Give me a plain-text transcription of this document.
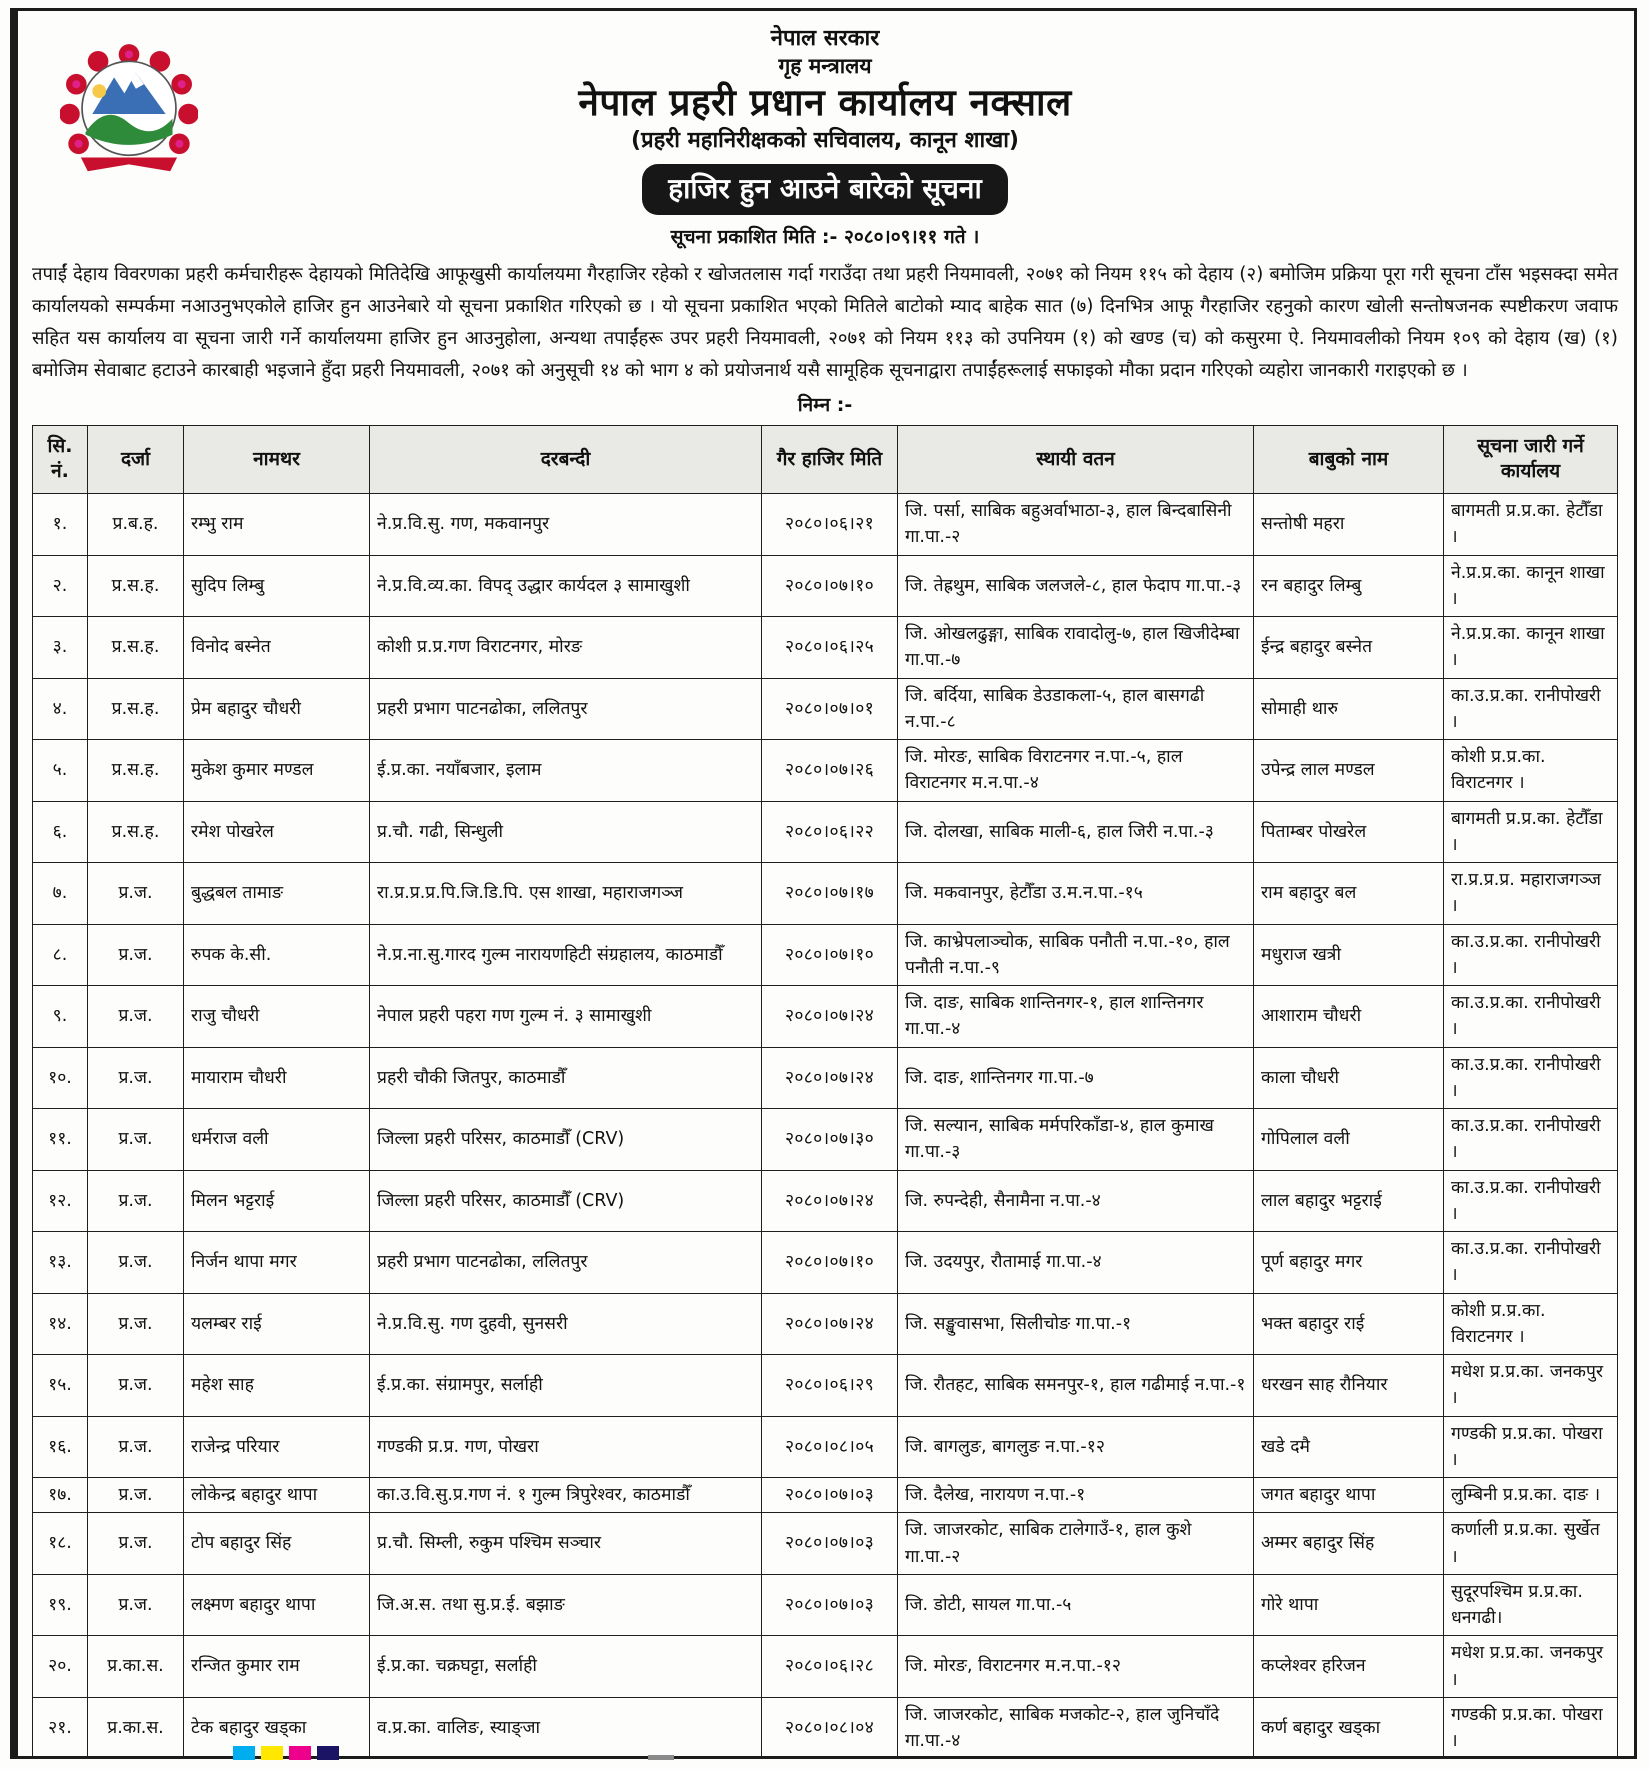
नेपाल सरकार
गृह मन्त्रालय
नेपाल प्रहरी प्रधान कार्यालय नक्साल
(प्रहरी महानिरीक्षकको सचिवालय, कानून शाखा)
हाजिर हुन आउने बारेको सूचना
सूचना प्रकाशित मिति :- २०८०।०९।११ गते ।
तपाईं देहाय विवरणका प्रहरी कर्मचारीहरू देहायको मितिदेखि आफूखुसी कार्यालयमा गैरहाजिर रहेको र खोजतलास गर्दा गराउँदा तथा प्रहरी नियमावली, २०७१ को नियम ११५ को देहाय (२) बमोजिम प्रक्रिया पूरा गरी सूचना टाँस भइसक्दा समेत कार्यालयको सम्पर्कमा नआउनुभएकोले हाजिर हुन आउनेबारे यो सूचना प्रकाशित गरिएको छ । यो सूचना प्रकाशित भएको मितिले बाटोको म्याद बाहेक सात (७) दिनभित्र आफू गैरहाजिर रहनुको कारण खोली सन्तोषजनक स्पष्टीकरण जवाफ सहित यस कार्यालय वा सूचना जारी गर्ने कार्यालयमा हाजिर हुन आउनुहोला, अन्यथा तपाईंहरू उपर प्रहरी नियमावली, २०७१ को नियम ११३ को उपनियम (१) को खण्ड (च) को कसुरमा ऐ. नियमावलीको नियम १०९ को देहाय (ख) (१) बमोजिम सेवाबाट हटाउने कारबाही भइजाने हुँदा प्रहरी नियमावली, २०७१ को अनुसूची १४ को भाग ४ को प्रयोजनार्थ यसै सामूहिक सूचनाद्वारा तपाईंहरूलाई सफाइको मौका प्रदान गरिएको व्यहोरा जानकारी गराइएको छ ।
निम्न :-
सि. नं.	दर्जा	नामथर	दरबन्दी	गैर हाजिर मिति	स्थायी वतन	बाबुको नाम	सूचना जारी गर्ने कार्यालय
१.	प्र.ब.ह.	रम्भु राम	ने.प्र.वि.सु. गण, मकवानपुर	२०८०।०६।२१	जि. पर्सा, साबिक बहुअर्वाभाठा-३, हाल बिन्दबासिनी गा.पा.-२	सन्तोषी महरा	बागमती प्र.प्र.का. हेटौँडा ।
२.	प्र.स.ह.	सुदिप लिम्बु	ने.प्र.वि.व्य.का. विपद् उद्धार कार्यदल ३ सामाखुशी	२०८०।०७।१०	जि. तेह्रथुम, साबिक जलजले-८, हाल फेदाप गा.पा.-३	रन बहादुर लिम्बु	ने.प्र.प्र.का. कानून शाखा ।
३.	प्र.स.ह.	विनोद बस्नेत	कोशी प्र.प्र.गण विराटनगर, मोरङ	२०८०।०६।२५	जि. ओखलढुङ्गा, साबिक रावादोलु-७, हाल खिजीदेम्बा गा.पा.-७	ईन्द्र बहादुर बस्नेत	ने.प्र.प्र.का. कानून शाखा ।
४.	प्र.स.ह.	प्रेम बहादुर चौधरी	प्रहरी प्रभाग पाटनढोका, ललितपुर	२०८०।०७।०१	जि. बर्दिया, साबिक डेउडाकला-५, हाल बासगढी न.पा.-८	सोमाही थारु	का.उ.प्र.का. रानीपोखरी ।
५.	प्र.स.ह.	मुकेश कुमार मण्डल	ई.प्र.का. नयाँबजार, इलाम	२०८०।०७।२६	जि. मोरङ, साबिक विराटनगर न.पा.-५, हाल विराटनगर म.न.पा.-४	उपेन्द्र लाल मण्डल	कोशी प्र.प्र.का. विराटनगर ।
६.	प्र.स.ह.	रमेश पोखरेल	प्र.चौ. गढी, सिन्धुली	२०८०।०६।२२	जि. दोलखा, साबिक माली-६, हाल जिरी न.पा.-३	पिताम्बर पोखरेल	बागमती प्र.प्र.का. हेटौँडा ।
७.	प्र.ज.	बुद्धबल तामाङ	रा.प्र.प्र.प्र.पि.जि.डि.पि. एस शाखा, महाराजगञ्ज	२०८०।०७।१७	जि. मकवानपुर, हेटौँडा उ.म.न.पा.-१५	राम बहादुर बल	रा.प्र.प्र.प्र. महाराजगञ्ज ।
८.	प्र.ज.	रुपक के.सी.	ने.प्र.ना.सु.गारद गुल्म नारायणहिटी संग्रहालय, काठमाडौँ	२०८०।०७।१०	जि. काभ्रेपलाञ्चोक, साबिक पनौती न.पा.-१०, हाल पनौती न.पा.-९	मधुराज खत्री	का.उ.प्र.का. रानीपोखरी ।
९.	प्र.ज.	राजु चौधरी	नेपाल प्रहरी पहरा गण गुल्म नं. ३ सामाखुशी	२०८०।०७।२४	जि. दाङ, साबिक शान्तिनगर-१, हाल शान्तिनगर गा.पा.-४	आशाराम चौधरी	का.उ.प्र.का. रानीपोखरी ।
१०.	प्र.ज.	मायाराम चौधरी	प्रहरी चौकी जितपुर, काठमाडौँ	२०८०।०७।२४	जि. दाङ, शान्तिनगर गा.पा.-७	काला चौधरी	का.उ.प्र.का. रानीपोखरी ।
११.	प्र.ज.	धर्मराज वली	जिल्ला प्रहरी परिसर, काठमाडौँ (CRV)	२०८०।०७।३०	जि. सल्यान, साबिक मर्मपरिकाँडा-४, हाल कुमाख गा.पा.-३	गोपिलाल वली	का.उ.प्र.का. रानीपोखरी ।
१२.	प्र.ज.	मिलन भट्टराई	जिल्ला प्रहरी परिसर, काठमाडौँ (CRV)	२०८०।०७।२४	जि. रुपन्देही, सैनामैना न.पा.-४	लाल बहादुर भट्टराई	का.उ.प्र.का. रानीपोखरी ।
१३.	प्र.ज.	निर्जन थापा मगर	प्रहरी प्रभाग पाटनढोका, ललितपुर	२०८०।०७।१०	जि. उदयपुर, रौतामाई गा.पा.-४	पूर्ण बहादुर मगर	का.उ.प्र.का. रानीपोखरी ।
१४.	प्र.ज.	यलम्बर राई	ने.प्र.वि.सु. गण दुहवी, सुनसरी	२०८०।०७।२४	जि. सङ्खुवासभा, सिलीचोङ गा.पा.-१	भक्त बहादुर राई	कोशी प्र.प्र.का. विराटनगर ।
१५.	प्र.ज.	महेश साह	ई.प्र.का. संग्रामपुर, सर्लाही	२०८०।०६।२९	जि. रौतहट, साबिक समनपुर-१, हाल गढीमाई न.पा.-१	धरखन साह रौनियार	मधेश प्र.प्र.का. जनकपुर ।
१६.	प्र.ज.	राजेन्द्र परियार	गण्डकी प्र.प्र. गण, पोखरा	२०८०।०८।०५	जि. बागलुङ, बागलुङ न.पा.-१२	खडे दमै	गण्डकी प्र.प्र.का. पोखरा ।
१७.	प्र.ज.	लोकेन्द्र बहादुर थापा	का.उ.वि.सु.प्र.गण नं. १ गुल्म त्रिपुरेश्वर, काठमाडौँ	२०८०।०७।०३	जि. दैलेख, नारायण न.पा.-१	जगत बहादुर थापा	लुम्बिनी प्र.प्र.का. दाङ ।
१८.	प्र.ज.	टोप बहादुर सिंह	प्र.चौ. सिम्ली, रुकुम पश्चिम सञ्चार	२०८०।०७।०३	जि. जाजरकोट, साबिक टालेगाउँ-१, हाल कुशे गा.पा.-२	अम्मर बहादुर सिंह	कर्णाली प्र.प्र.का. सुर्खेत ।
१९.	प्र.ज.	लक्ष्मण बहादुर थापा	जि.अ.स. तथा सु.प्र.ई. बझाङ	२०८०।०७।०३	जि. डोटी, सायल गा.पा.-५	गोरे थापा	सुदूरपश्चिम प्र.प्र.का. धनगढी।
२०.	प्र.का.स.	रन्जित कुमार राम	ई.प्र.का. चक्रघट्टा, सर्लाही	२०८०।०६।२८	जि. मोरङ, विराटनगर म.न.पा.-१२	कप्लेश्वर हरिजन	मधेश प्र.प्र.का. जनकपुर ।
२१.	प्र.का.स.	टेक बहादुर खड्का	व.प्र.का. वालिङ, स्याङ्जा	२०८०।०८।०४	जि. जाजरकोट, साबिक मजकोट-२, हाल जुनिचाँदे गा.पा.-४	कर्ण बहादुर खड्का	गण्डकी प्र.प्र.का. पोखरा ।
